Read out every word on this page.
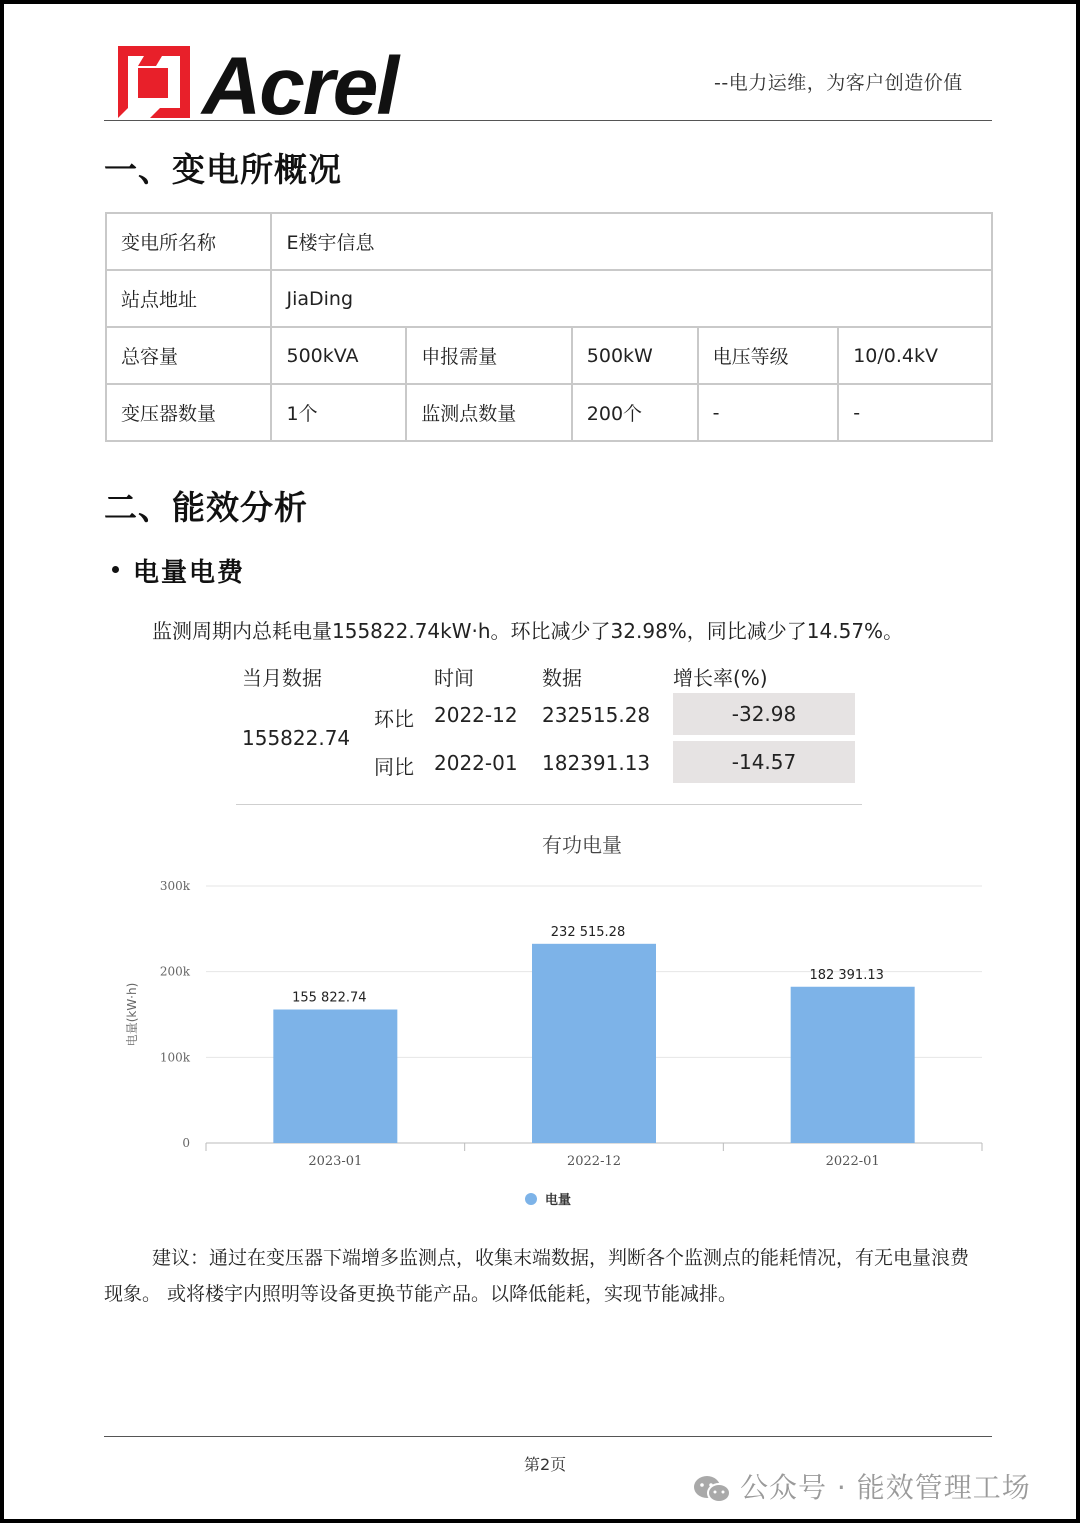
Acrel	--电力运维，为客户创造价值
一、变电所概况
变电所名称	E楼宇信息				
站点地址	JiaDing				
总容量	500kVA	申报需量	500kW	电压等级	10/0.4kV
变压器数量	1个	监测点数量	200个	-	-
二、能效分析
电量电费
监测周期内总耗电量155822.74kW·h。环比减少了32.98%，同比减少了14.57%。
当月数据	时间	数据	增长率(%)
155822.74
环比 2022-12 232515.28	-32.98
同比 2022-01 182391.13	-14.57
有功电量
0
100k
200k
300k
电量(kW·h)	155 822.74
2023-01
232 515.28
2022-12
182 391.13
2022-01
电量
建议：通过在变压器下端增多监测点，收集末端数据，判断各个监测点的能耗情况，有无电量浪费现象。 或将楼宇内照明等设备更换节能产品。以降低能耗，实现节能减排。
第2页
公众号 · 能效管理工场
